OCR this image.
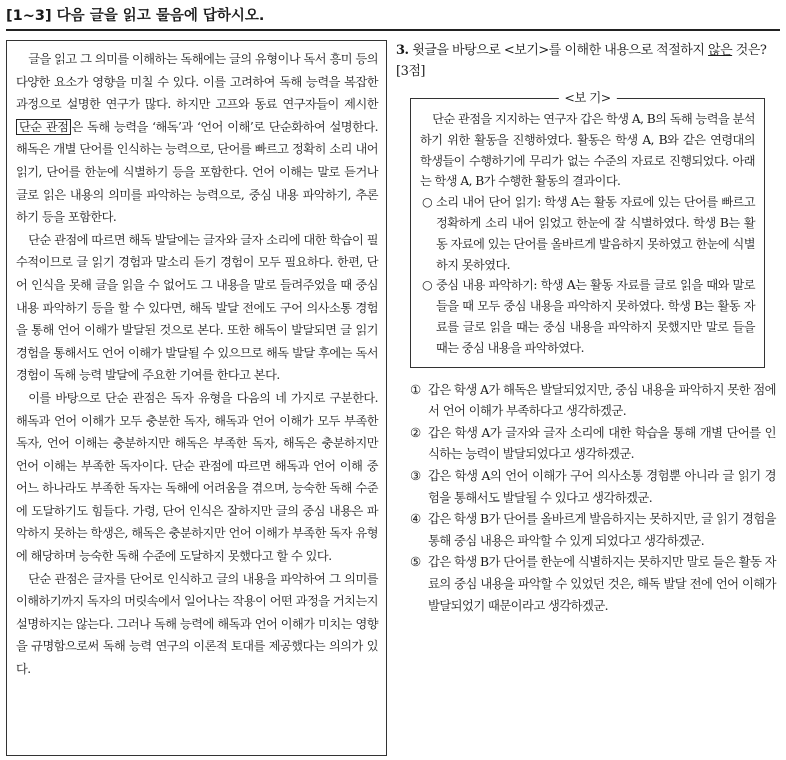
[1~3] 다음 글을 읽고 물음에 답하시오.

글을 읽고 그 의미를 이해하는 독해에는 글의 유형이나 독서 흥미 등의 다양한 요소가 영향을 미칠 수 있다. 이를 고려하여 독해 능력을 복잡한 과정으로 설명한 연구가 많다. 하지만 고프와 동료 연구자들이 제시한 단순 관점 은 독해 능력을 ‘해독’과 ‘언어 이해’로 단순화하여 설명한다. 해독은 개별 단어를 인식하는 능력으로, 단어를 빠르고 정확히 소리 내어 읽기, 단어를 한눈에 식별하기 등을 포함한다. 언어 이해는 말로 듣거나 글로 읽은 내용의 의미를 파악하는 능력으로, 중심 내용 파악하기, 추론하기 등을 포함한다.

단순 관점에 따르면 해독 발달에는 글자와 글자 소리에 대한 학습이 필수적이므로 글 읽기 경험과 말소리 듣기 경험이 모두 필요하다. 한편, 단어 인식을 못해 글을 읽을 수 없어도 그 내용을 말로 들려주었을 때 중심 내용 파악하기 등을 할 수 있다면, 해독 발달 전에도 구어 의사소통 경험을 통해 언어 이해가 발달된 것으로 본다. 또한 해독이 발달되면 글 읽기 경험을 통해서도 언어 이해가 발달될 수 있으므로 해독 발달 후에는 독서 경험이 독해 능력 발달에 주요한 기여를 한다고 본다.

이를 바탕으로 단순 관점은 독자 유형을 다음의 네 가지로 구분한다. 해독과 언어 이해가 모두 충분한 독자, 해독과 언어 이해가 모두 부족한 독자, 언어 이해는 충분하지만 해독은 부족한 독자, 해독은 충분하지만 언어 이해는 부족한 독자이다. 단순 관점에 따르면 해독과 언어 이해 중 어느 하나라도 부족한 독자는 독해에 어려움을 겪으며, 능숙한 독해 수준에 도달하기도 힘들다. 가령, 단어 인식은 잘하지만 글의 중심 내용은 파악하지 못하는 학생은, 해독은 충분하지만 언어 이해가 부족한 독자 유형에 해당하며 능숙한 독해 수준에 도달하지 못했다고 할 수 있다.

단순 관점은 글자를 단어로 인식하고 글의 내용을 파악하여 그 의미를 이해하기까지 독자의 머릿속에서 일어나는 작용이 어떤 과정을 거치는지 설명하지는 않는다. 그러나 독해 능력에 해독과 언어 이해가 미치는 영향을 규명함으로써 독해 능력 연구의 이론적 토대를 제공했다는 의의가 있다.

3. 윗글을 바탕으로 <보기>를 이해한 내용으로 적절하지 않은 것은? [3점]
<보 기>

단순 관점을 지지하는 연구자 갑은 학생 A, B의 독해 능력을 분석하기 위한 활동을 진행하였다. 활동은 학생 A, B와 같은 연령대의 학생들이 수행하기에 무리가 없는 수준의 자료로 진행되었다. 아래는 학생 A, B가 수행한 활동의 결과이다.

○ 소리 내어 단어 읽기: 학생 A는 활동 자료에 있는 단어를 빠르고 정확하게 소리 내어 읽었고 한눈에 잘 식별하였다. 학생 B는 활동 자료에 있는 단어를 올바르게 발음하지 못하였고 한눈에 식별하지 못하였다.
○ 중심 내용 파악하기: 학생 A는 활동 자료를 글로 읽을 때와 말로 들을 때 모두 중심 내용을 파악하지 못하였다. 학생 B는 활동 자료를 글로 읽을 때는 중심 내용을 파악하지 못했지만 말로 들을 때는 중심 내용을 파악하였다.
① 갑은 학생 A가 해독은 발달되었지만, 중심 내용을 파악하지 못한 점에서 언어 이해가 부족하다고 생각하겠군.
② 갑은 학생 A가 글자와 글자 소리에 대한 학습을 통해 개별 단어를 인식하는 능력이 발달되었다고 생각하겠군.
③ 갑은 학생 A의 언어 이해가 구어 의사소통 경험뿐 아니라 글 읽기 경험을 통해서도 발달될 수 있다고 생각하겠군.
④ 갑은 학생 B가 단어를 올바르게 발음하지는 못하지만, 글 읽기 경험을 통해 중심 내용은 파악할 수 있게 되었다고 생각하겠군.
⑤ 갑은 학생 B가 단어를 한눈에 식별하지는 못하지만 말로 들은 활동 자료의 중심 내용을 파악할 수 있었던 것은, 해독 발달 전에 언어 이해가 발달되었기 때문이라고 생각하겠군.
